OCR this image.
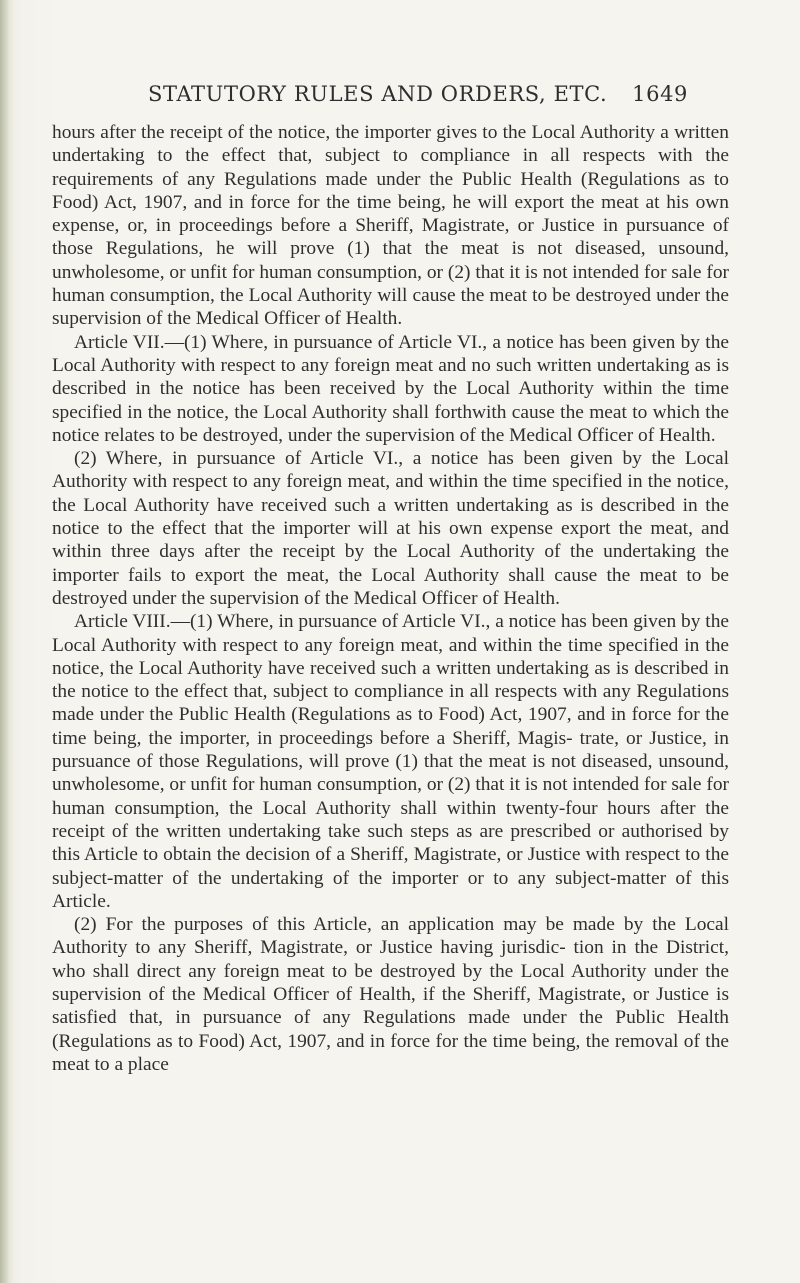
STATUTORY RULES AND ORDERS, ETC. 1649

hours after the receipt of the notice, the importer gives to the Local Authority a written undertaking to the effect that, subject to compliance in all respects with the requirements of any Regulations made under the Public Health (Regulations as to Food) Act, 1907, and in force for the time being, he will export the meat at his own expense, or, in proceedings before a Sheriff, Magistrate, or Justice in pursuance of those Regulations, he will prove (1) that the meat is not diseased, unsound, unwholesome, or unfit for human consumption, or (2) that it is not intended for sale for human consumption, the Local Authority will cause the meat to be destroyed under the supervision of the Medical Officer of Health.

Article VII.—(1) Where, in pursuance of Article VI., a notice has been given by the Local Authority with respect to any foreign meat and no such written undertaking as is described in the notice has been received by the Local Authority within the time specified in the notice, the Local Authority shall forthwith cause the meat to which the notice relates to be destroyed, under the supervision of the Medical Officer of Health.

(2) Where, in pursuance of Article VI., a notice has been given by the Local Authority with respect to any foreign meat, and within the time specified in the notice, the Local Authority have received such a written undertaking as is described in the notice to the effect that the importer will at his own expense export the meat, and within three days after the receipt by the Local Authority of the undertaking the importer fails to export the meat, the Local Authority shall cause the meat to be destroyed under the supervision of the Medical Officer of Health.

Article VIII.—(1) Where, in pursuance of Article VI., a notice has been given by the Local Authority with respect to any foreign meat, and within the time specified in the notice, the Local Authority have received such a written undertaking as is described in the notice to the effect that, subject to compliance in all respects with any Regulations made under the Public Health (Regulations as to Food) Act, 1907, and in force for the time being, the importer, in proceedings before a Sheriff, Magis- trate, or Justice, in pursuance of those Regulations, will prove (1) that the meat is not diseased, unsound, unwholesome, or unfit for human consumption, or (2) that it is not intended for sale for human consumption, the Local Authority shall within twenty-four hours after the receipt of the written undertaking take such steps as are prescribed or authorised by this Article to obtain the decision of a Sheriff, Magistrate, or Justice with respect to the subject-matter of the undertaking of the importer or to any subject-matter of this Article.

(2) For the purposes of this Article, an application may be made by the Local Authority to any Sheriff, Magistrate, or Justice having jurisdic- tion in the District, who shall direct any foreign meat to be destroyed by the Local Authority under the supervision of the Medical Officer of Health, if the Sheriff, Magistrate, or Justice is satisfied that, in pursuance of any Regulations made under the Public Health (Regulations as to Food) Act, 1907, and in force for the time being, the removal of the meat to a place
